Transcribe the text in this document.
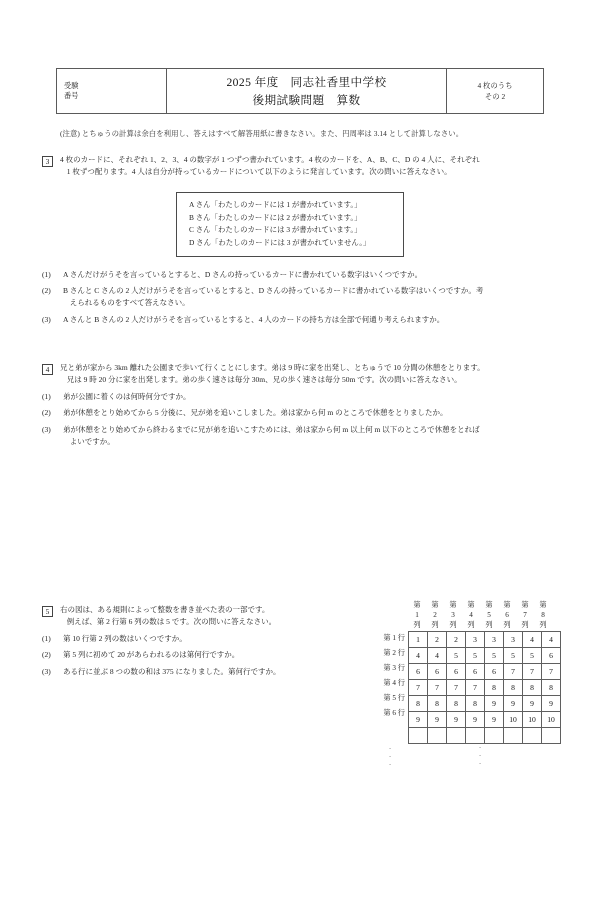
受験
番号
2025 年度　同志社香里中学校
後期試験問題　算数
4 枚のうち
その 2
(注意) とちゅうの計算は余白を利用し、答えはすべて解答用紙に書きなさい。また、円周率は 3.14 として計算しなさい。
3	4 枚のカードに、それぞれ 1、2、3、4 の数字が 1 つずつ書かれています。4 枚のカードを、A、B、C、D の 4 人に、それぞれ
1 枚ずつ配ります。4 人は自分が持っているカードについて以下のように発言しています。次の問いに答えなさい。
A さん「わたしのカードには 1 が書かれています。」
B さん「わたしのカードには 2 が書かれています。」
C さん「わたしのカードには 3 が書かれています。」
D さん「わたしのカードには 3 が書かれていません。」
(1)	A さんだけがうそを言っているとすると、D さんの持っているカードに書かれている数字はいくつですか。
(2)	B さんと C さんの 2 人だけがうそを言っているとすると、D さんの持っているカードに書かれている数字はいくつですか。考
えられるものをすべて答えなさい。
(3)	A さんと B さんの 2 人だけがうそを言っているとすると、4 人のカードの持ち方は全部で何通り考えられますか。
4	兄と弟が家から 3km 離れた公園まで歩いて行くことにします。弟は 9 時に家を出発し、とちゅうで 10 分間の休憩をとります。
兄は 9 時 20 分に家を出発します。弟の歩く速さは毎分 30m、兄の歩く速さは毎分 50m です。次の問いに答えなさい。
(1)	弟が公園に着くのは何時何分ですか。
(2)	弟が休憩をとり始めてから 5 分後に、兄が弟を追いこしました。弟は家から何 m のところで休憩をとりましたか。
(3)	弟が休憩をとり始めてから終わるまでに兄が弟を追いこすためには、弟は家から何 m 以上何 m 以下のところで休憩をとれば
よいですか。
5	右の図は、ある規則によって整数を書き並べた表の一部です。
例えば、第 2 行第 6 列の数は 5 です。次の問いに答えなさい。
(1)	第 10 行第 2 列の数はいくつですか。
(2)	第 5 列に初めて 20 があらわれるのは第何行ですか。
(3)	ある行に並ぶ 8 つの数の和は 375 になりました。第何行ですか。
第
1
列
第
2
列
第
3
列
第
4
列
第
5
列
第
6
列
第
7
列
第
8
列
第 1 行
第 2 行
第 3 行
第 4 行
第 5 行
第 6 行
1	2	2	3	3	3	4	4
4	4	5	5	5	5	5	6
6	6	6	6	6	7	7	7
7	7	7	7	8	8	8	8
8	8	8	8	9	9	9	9
9	9	9	9	9	10	10	10

·
·
·
·
·
·
